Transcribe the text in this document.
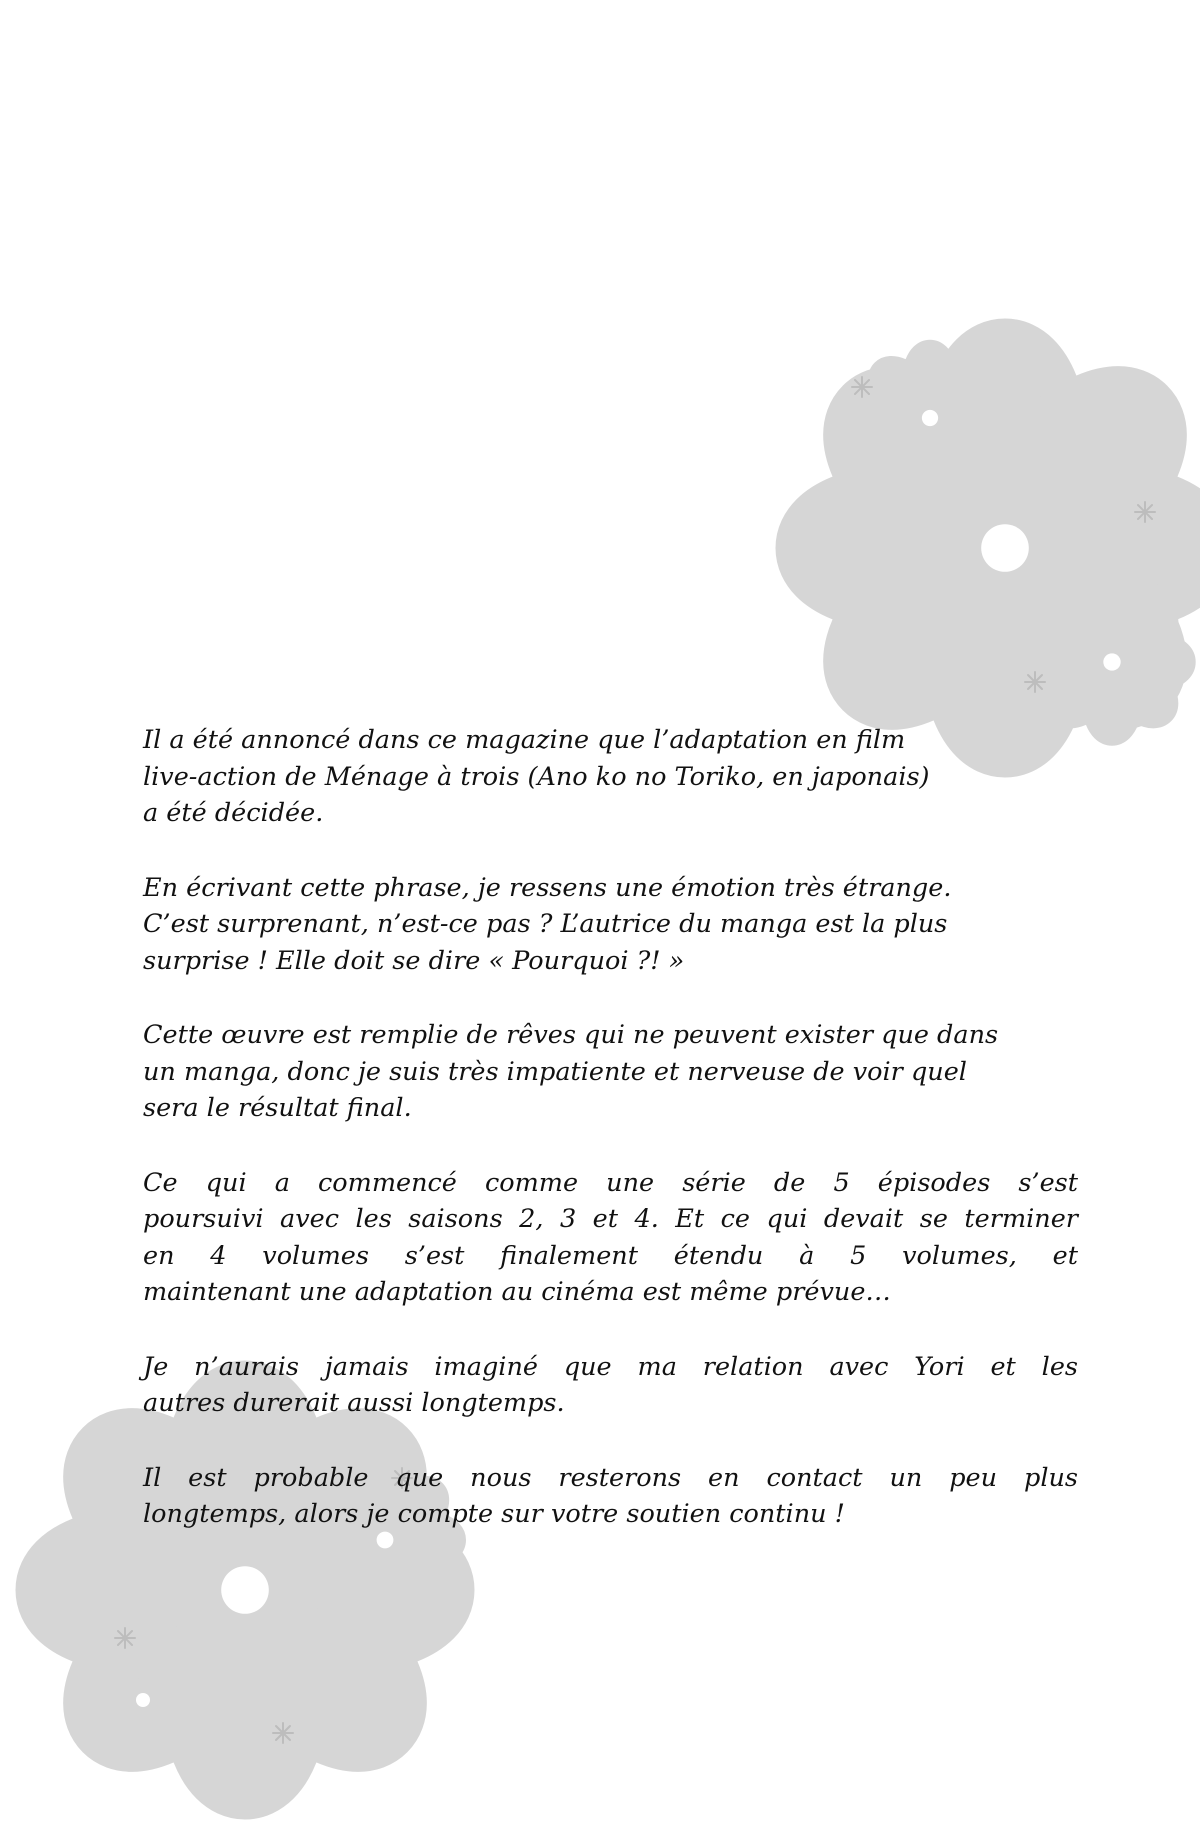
Il a été annoncé dans ce magazine que l’adaptation en film
live-action de Ménage à trois (Ano ko no Toriko, en japonais)
a été décidée.

En écrivant cette phrase, je ressens une émotion très étrange.
C’est surprenant, n’est-ce pas ? L’autrice du manga est la plus
surprise ! Elle doit se dire « Pourquoi ?! »

Cette œuvre est remplie de rêves qui ne peuvent exister que dans
un manga, donc je suis très impatiente et nerveuse de voir quel
sera le résultat final.

Ce qui a commencé comme une série de 5 épisodes s’est
poursuivi avec les saisons 2, 3 et 4. Et ce qui devait se terminer
en 4 volumes s’est finalement étendu à 5 volumes, et
maintenant une adaptation au cinéma est même prévue…

Je n’aurais jamais imaginé que ma relation avec Yori et les
autres durerait aussi longtemps.

Il est probable que nous resterons en contact un peu plus
longtemps, alors je compte sur votre soutien continu !
